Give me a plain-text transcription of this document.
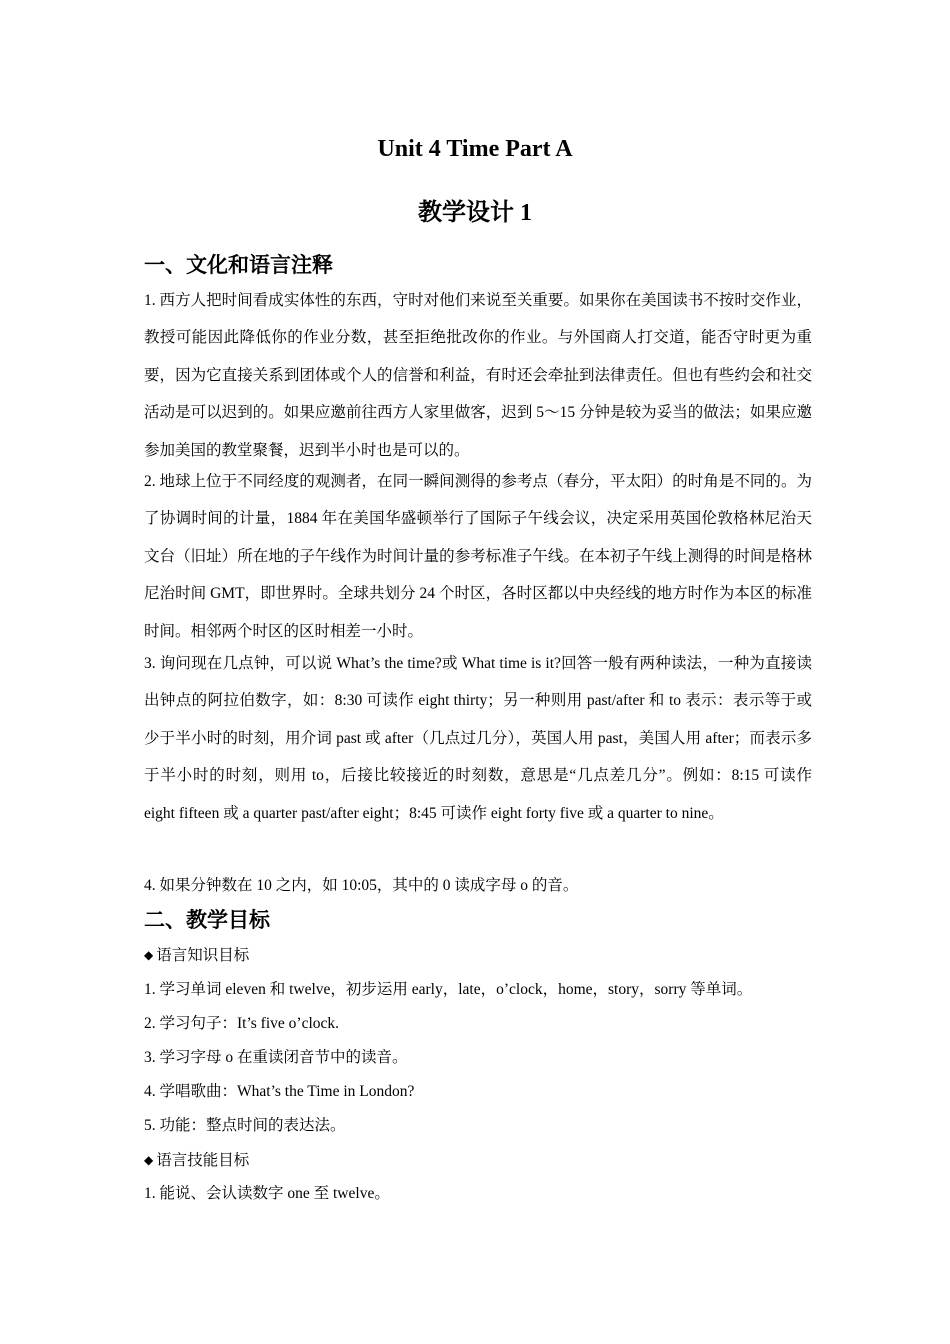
Unit 4 Time Part A
教学设计 1
一、文化和语言注释

1. 西方人把时间看成实体性的东西，守时对他们来说至关重要。如果你在美国读书不按时交作业，教授可能因此降低你的作业分数，甚至拒绝批改你的作业。与外国商人打交道，能否守时更为重要，因为它直接关系到团体或个人的信誉和利益，有时还会牵扯到法律责任。但也有些约会和社交活动是可以迟到的。如果应邀前往西方人家里做客，迟到 5～15 分钟是较为妥当的做法；如果应邀参加美国的教堂聚餐，迟到半小时也是可以的。

2. 地球上位于不同经度的观测者，在同一瞬间测得的参考点（春分，平太阳）的时角是不同的。为了协调时间的计量，1884 年在美国华盛顿举行了国际子午线会议，决定采用英国伦敦格林尼治天文台（旧址）所在地的子午线作为时间计量的参考标准子午线。在本初子午线上测得的时间是格林尼治时间 GMT，即世界时。全球共划分 24 个时区，各时区都以中央经线的地方时作为本区的标准时间。相邻两个时区的区时相差一小时。

3. 询问现在几点钟，可以说 What’s the time?或 What time is it?回答一般有两种读法，一种为直接读出钟点的阿拉伯数字，如：8:30 可读作 eight thirty；另一种则用 past/after 和 to 表示：表示等于或少于半小时的时刻，用介词 past 或 after（几点过几分），英国人用 past，美国人用 after；而表示多于半小时的时刻，则用 to，后接比较接近的时刻数，意思是“几点差几分”。例如：8:15 可读作 eight fifteen 或 a quarter past/after eight；8:45 可读作 eight forty five 或 a quarter to nine。

4. 如果分钟数在 10 之内，如 10:05，其中的 0 读成字母 o 的音。
二、教学目标
◆ 语言知识目标
1. 学习单词 eleven 和 twelve，初步运用 early，late，o’clock，home，story，sorry 等单词。
2. 学习句子：It’s five o’clock.
3. 学习字母 o 在重读闭音节中的读音。
4. 学唱歌曲：What’s the Time in London?
5. 功能：整点时间的表达法。
◆ 语言技能目标
1. 能说、会认读数字 one 至 twelve。
